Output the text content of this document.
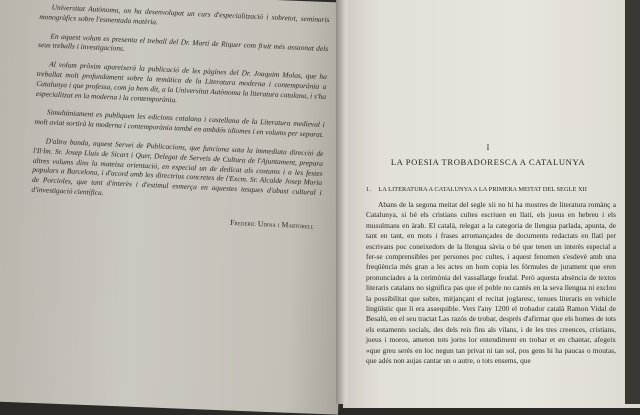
Universitat Autònoma, on ha desenvolupat un curs d'especialització i sobretot, seminaris monogràfics sobre l'esmentada matèria.

En aquest volum es presenta el treball del Dr. Martí de Riquer com fruit més assaonat dels seus treballs i investigacions.

Al volum pròxim apareixerà la publicació de les pàgines del Dr. Joaquim Molas, que ha treballat molt profundament sobre la temàtica de la Literatura moderna i contemporània a Catalunya i que professa, com ja hem dit, a la Universitat Autònoma la literatura catalana, i s'ha especialitzat en la moderna i la contemporània.

Simultàniament es publiquen les edicions catalana i castellana de la Literatura medieval i molt aviat sortirà la moderna i contemporània també en ambdós idiomes i en volums per separat.

D'altra banda, aquest Servei de Publicacions, que funciona sota la immediata direcció de l'Il·lm. Sr. Josep Lluís de Sicart i Quer, Delegat de Serveis de Cultura de l'Ajuntament, prepara altres volums dins la mateixa orientació, en especial un de dedicat als costums i a les festes populars a Barcelona, i d'acord amb les directrius concretes de l'Excm. Sr. Alcalde Josep Maria de Porcioles, que tant d'interès i d'estimul esmerça en aquestes tasques d'abast cultural i d'investigació científica.

Frederic Udina i Martorell

I
LA POESIA TROBADORESCA A CATALUNYA
1. LA LITERATURA A CATALUNYA A LA PRIMERA MEITAT DEL SEGLE XII

Abans de la segona meitat del segle xii no hi ha mostres de literatura romànç a Catalunya, si bé els cristians cultes escriuen en llatí, els jueus en hebreu i els musulmans en àrab. El català, relegat a la categoria de llengua parlada, apunta, de tant en tant, en mots i frases arromançades de documents redactats en llatí per escrivans poc coneixedors de la llengua sàvia o bé que tenen un interès especial a fer-se comprensibles per persones poc cultes, i aquest fenomen s'esdevé amb una freqüència més gran a les actes on hom copia les fórmules de jurament que eren pronunciades a la cerimònia del vassallatge feudal. Però aquesta absència de textos literaris catalans no significa pas que el poble no cantés en la seva llengua ni exclou la possibilitat que sobre, mitjançant el recitat joglaresc, tenues literaris en vehicle lingüístic que li era assequible. Vers l'any 1200 el trobador català Ramon Vidal de Besalú, en el seu tractat Las razós de trobar, després d'afirmar que els homes de tots els estaments socials, des dels reis fins als vilans, i de les tres creences, cristians, jueus i moros, ameton tots jorns lor entendiment en trobar et en chantar, afegeix «que greu serés en loc negun tan privat ni tan sol, pos gens hi ha paucas o moutas, que adés non aujas cantar un o autre, o tots ensems, que
